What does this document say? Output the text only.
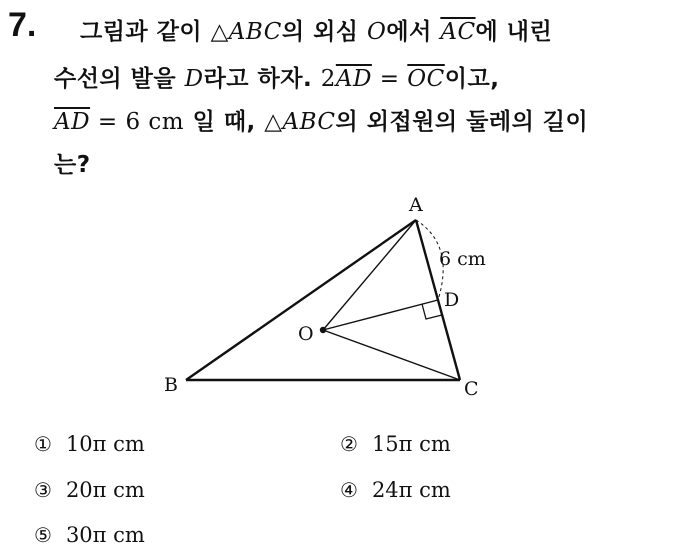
7. 그림과 같이 △ABC의 외심 O에서 $\overline{AC}$에 내린
수선의 발을 D라고 하자. $2\overline{AD} = \overline{OC}$이고,
$\overline{AD} = 6$ cm 일 때, △ABC의 외접원의 둘레의 길이
는?
A
B	C
D
O
6 cm
① 10π cm	② 15π cm
③ 20π cm	④ 24π cm
⑤ 30π cm
